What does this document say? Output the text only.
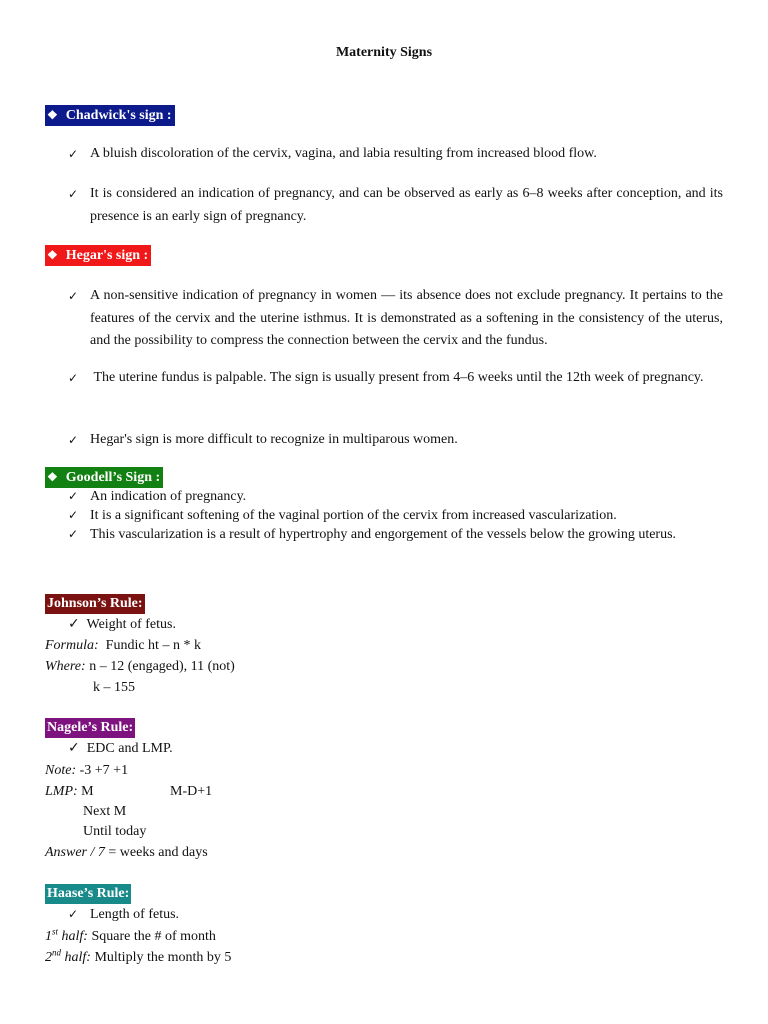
Maternity Signs
❖ Chadwick's sign :
✓ A bluish discoloration of the cervix, vagina, and labia resulting from increased blood flow.
✓ It is considered an indication of pregnancy, and can be observed as early as 6–8 weeks after conception, and its presence is an early sign of pregnancy.
❖ Hegar's sign :
✓ A non-sensitive indication of pregnancy in women — its absence does not exclude pregnancy. It pertains to the features of the cervix and the uterine isthmus. It is demonstrated as a softening in the consistency of the uterus, and the possibility to compress the connection between the cervix and the fundus.
✓ The uterine fundus is palpable. The sign is usually present from 4–6 weeks until the 12th week of pregnancy.
✓ Hegar's sign is more difficult to recognize in multiparous women.
❖ Goodell’s Sign :
✓ An indication of pregnancy.
✓ It is a significant softening of the vaginal portion of the cervix from increased vascularization.
✓ This vascularization is a result of hypertrophy and engorgement of the vessels below the growing uterus.
Johnson’s Rule:
✓ Weight of fetus.
Formula: Fundic ht – n * k
Where: n – 12 (engaged), 11 (not)
k – 155
Nagele’s Rule:
✓ EDC and LMP.
Note: -3 +7 +1
LMP: M	M-D+1
Next M
Until today
Answer / 7 = weeks and days
Haase’s Rule:
✓ Length of fetus.
1st half: Square the # of month
2nd half: Multiply the month by 5
